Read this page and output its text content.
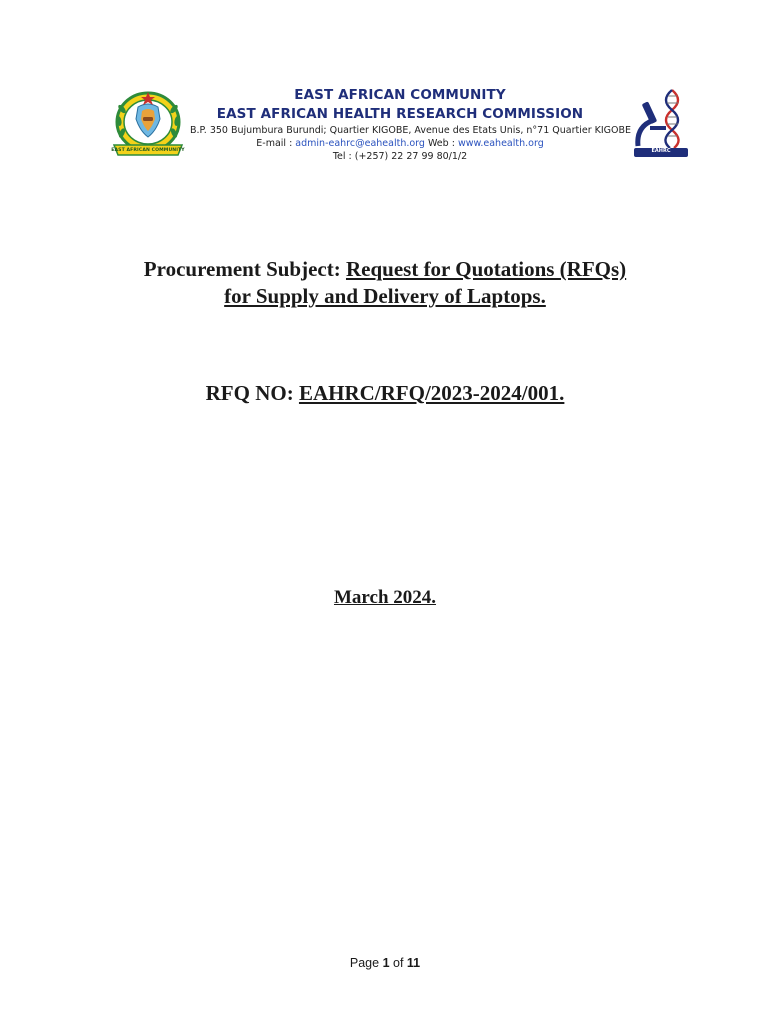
EAST AFRICAN COMMUNITY
EAST AFRICAN COMMUNITY
EAST AFRICAN HEALTH RESEARCH COMMISSION
B.P. 350 Bujumbura Burundi; Quartier KIGOBE, Avenue des Etats Unis, n°71 Quartier KIGOBE
E-mail : admin-eahrc@eahealth.org Web : www.eahealth.org
Tel : (+257) 22 27 99 80/1/2	EAHRC
Procurement Subject: Request for Quotations (RFQs)
for Supply and Delivery of Laptops.
RFQ NO: EAHRC/RFQ/2023-2024/001.
March 2024.
Page 1 of 11
